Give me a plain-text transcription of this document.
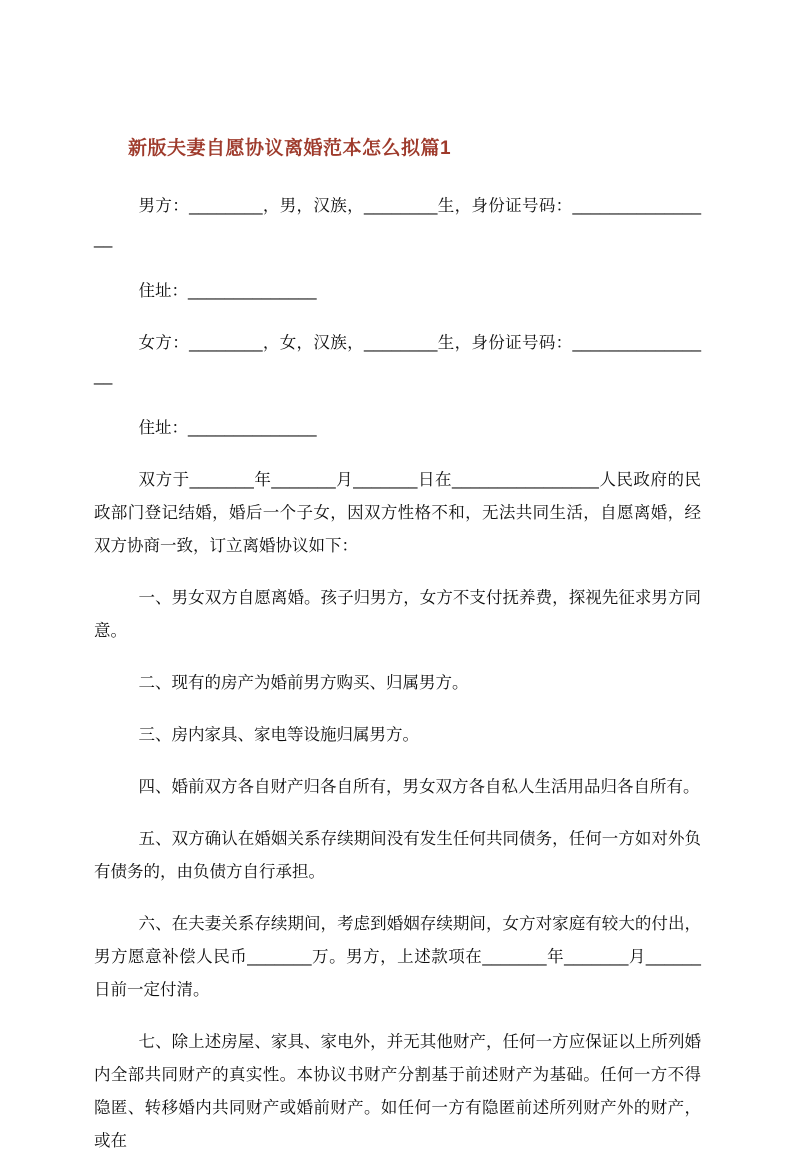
新版夫妻自愿协议离婚范本怎么拟篇1

男方：________，男，汉族，________生，身份证号码：________________

住址：______________

女方：________，女，汉族，________生，身份证号码：________________

住址：______________

双方于_______年_______月_______日在________________人民政府的民政部门登记结婚，婚后一个子女，因双方性格不和，无法共同生活，自愿离婚，经双方协商一致，订立离婚协议如下：

一、男女双方自愿离婚。孩子归男方，女方不支付抚养费，探视先征求男方同意。

二、现有的房产为婚前男方购买、归属男方。

三、房内家具、家电等设施归属男方。

四、婚前双方各自财产归各自所有，男女双方各自私人生活用品归各自所有。

五、双方确认在婚姻关系存续期间没有发生任何共同债务，任何一方如对外负有债务的，由负债方自行承担。

六、在夫妻关系存续期间，考虑到婚姻存续期间，女方对家庭有较大的付出，男方愿意补偿人民币_______万。男方，上述款项在_______年_______月______日前一定付清。

七、除上述房屋、家具、家电外，并无其他财产，任何一方应保证以上所列婚内全部共同财产的真实性。本协议书财产分割基于前述财产为基础。任何一方不得隐匿、转移婚内共同财产或婚前财产。如任何一方有隐匿前述所列财产外的财产，或在
